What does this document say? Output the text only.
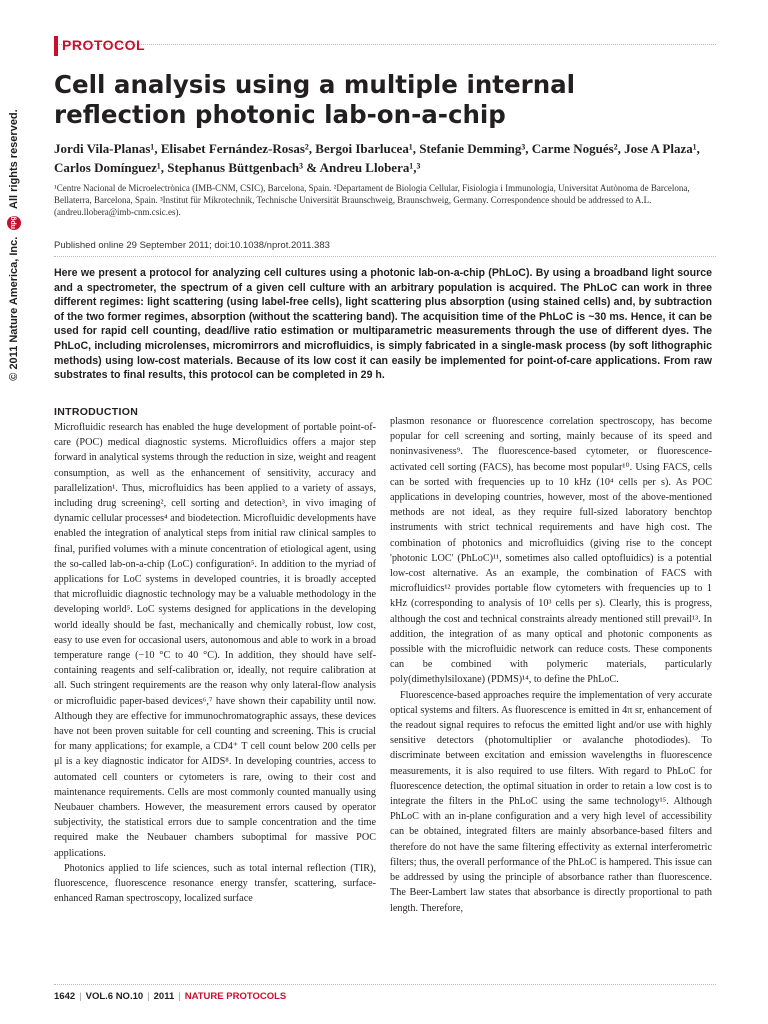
PROTOCOL
Cell analysis using a multiple internal reflection photonic lab-on-a-chip
Jordi Vila-Planas¹, Elisabet Fernández-Rosas², Bergoi Ibarlucea¹, Stefanie Demming³, Carme Nogués², Jose A Plaza¹, Carlos Domínguez¹, Stephanus Büttgenbach³ & Andreu Llobera¹,³
¹Centre Nacional de Microelectrònica (IMB-CNM, CSIC), Barcelona, Spain. ²Departament de Biologia Cellular, Fisiologia i Immunologia, Universitat Autònoma de Barcelona, Bellaterra, Barcelona, Spain. ³Institut für Mikrotechnik, Technische Universität Braunschweig, Braunschweig, Germany. Correspondence should be addressed to A.L. (andreu.llobera@imb-cnm.csic.es).
Published online 29 September 2011; doi:10.1038/nprot.2011.383
Here we present a protocol for analyzing cell cultures using a photonic lab-on-a-chip (PhLoC). By using a broadband light source and a spectrometer, the spectrum of a given cell culture with an arbitrary population is acquired. The PhLoC can work in three different regimes: light scattering (using label-free cells), light scattering plus absorption (using stained cells) and, by subtraction of the two former regimes, absorption (without the scattering band). The acquisition time of the PhLoC is ~30 ms. Hence, it can be used for rapid cell counting, dead/live ratio estimation or multiparametric measurements through the use of different dyes. The PhLoC, including microlenses, micromirrors and microfluidics, is simply fabricated in a single-mask process (by soft lithographic methods) using low-cost materials. Because of its low cost it can easily be implemented for point-of-care applications. From raw substrates to final results, this protocol can be completed in 29 h.
© 2011 Nature America, Inc. npg All rights reserved.
INTRODUCTION

Microfluidic research has enabled the huge development of portable point-of-care (POC) medical diagnostic systems. Microfluidics offers a major step forward in analytical systems through the reduction in size, weight and reagent consumption, as well as the enhancement of sensitivity, accuracy and parallelization¹. Thus, microfluidics has been applied to a variety of assays, including drug screening², cell sorting and detection³, in vivo imaging of dynamic cellular processes⁴ and biodetection. Microfluidic developments have enabled the integration of analytical steps from initial raw clinical samples to final, purified volumes with a minute concentration of etiological agent, using the so-called lab-on-a-chip (LoC) configuration⁵. In addition to the myriad of applications for LoC systems in developed countries, it is broadly accepted that microfluidic diagnostic technology may be a valuable methodology in the developing world⁵. LoC systems designed for applications in the developing world ideally should be fast, mechanically and chemically robust, low cost, easy to use even for occasional users, autonomous and able to work in a broad temperature range (−10 °C to 40 °C). In addition, they should have self-containing reagents and self-calibration or, ideally, not require calibration at all. Such stringent requirements are the reason why only lateral-flow analysis or microfluidic paper-based devices⁶,⁷ have shown their capability until now. Although they are effective for immunochromatographic assays, these devices have not been proven suitable for cell counting and screening. This is crucial for many applications; for example, a CD4⁺ T cell count below 200 cells per μl is a key diagnostic indicator for AIDS⁸. In developing countries, access to automated cell counters or cytometers is rare, owing to their cost and maintenance requirements. Cells are most commonly counted manually using Neubauer chambers. However, the measurement errors caused by operator subjectivity, the statistical errors due to sample concentration and the time required make the Neubauer chambers suboptimal for massive POC applications.

Photonics applied to life sciences, such as total internal reflection (TIR), fluorescence, fluorescence resonance energy transfer, scattering, surface-enhanced Raman spectroscopy, localized surface

plasmon resonance or fluorescence correlation spectroscopy, has become popular for cell screening and sorting, mainly because of its speed and noninvasiveness⁹. The fluorescence-based cytometer, or fluorescence-activated cell sorting (FACS), has become most popular¹⁰. Using FACS, cells can be sorted with frequencies up to 10 kHz (10⁴ cells per s). As POC applications in developing countries, however, most of the above-mentioned methods are not ideal, as they require full-sized laboratory benchtop instruments with strict technical requirements and have high cost. The combination of photonics and microfluidics (giving rise to the concept 'photonic LOC' (PhLoC)¹¹, sometimes also called optofluidics) is a potential low-cost alternative. As an example, the combination of FACS with microfluidics¹² provides portable flow cytometers with frequencies up to 1 kHz (corresponding to analysis of 10³ cells per s). Clearly, this is progress, although the cost and technical constraints already mentioned still prevail¹³. In addition, the integration of as many optical and photonic components as possible with the microfluidic network can reduce costs. These components can be combined with polymeric materials, particularly poly(dimethylsiloxane) (PDMS)¹⁴, to define the PhLoC.

Fluorescence-based approaches require the implementation of very accurate optical systems and filters. As fluorescence is emitted in 4π sr, enhancement of the readout signal requires to refocus the emitted light and/or use with highly sensitive detectors (photomultiplier or avalanche photodiodes). To discriminate between excitation and emission wavelengths in fluorescence measurements, it is also required to use filters. With regard to PhLoC for fluorescence detection, the optimal situation in order to retain a low cost is to integrate the filters in the PhLoC using the same technology¹⁵. Although PhLoC with an in-plane configuration and a very high level of accessibility can be obtained, integrated filters are mainly absorbance-based filters and therefore do not have the same filtering effectivity as external interferometric filters; thus, the overall performance of the PhLoC is hampered. This issue can be addressed by using the principle of absorbance rather than fluorescence. The Beer-Lambert law states that absorbance is directly proportional to path length. Therefore,

1642 | VOL.6 NO.10 | 2011 | NATURE PROTOCOLS
